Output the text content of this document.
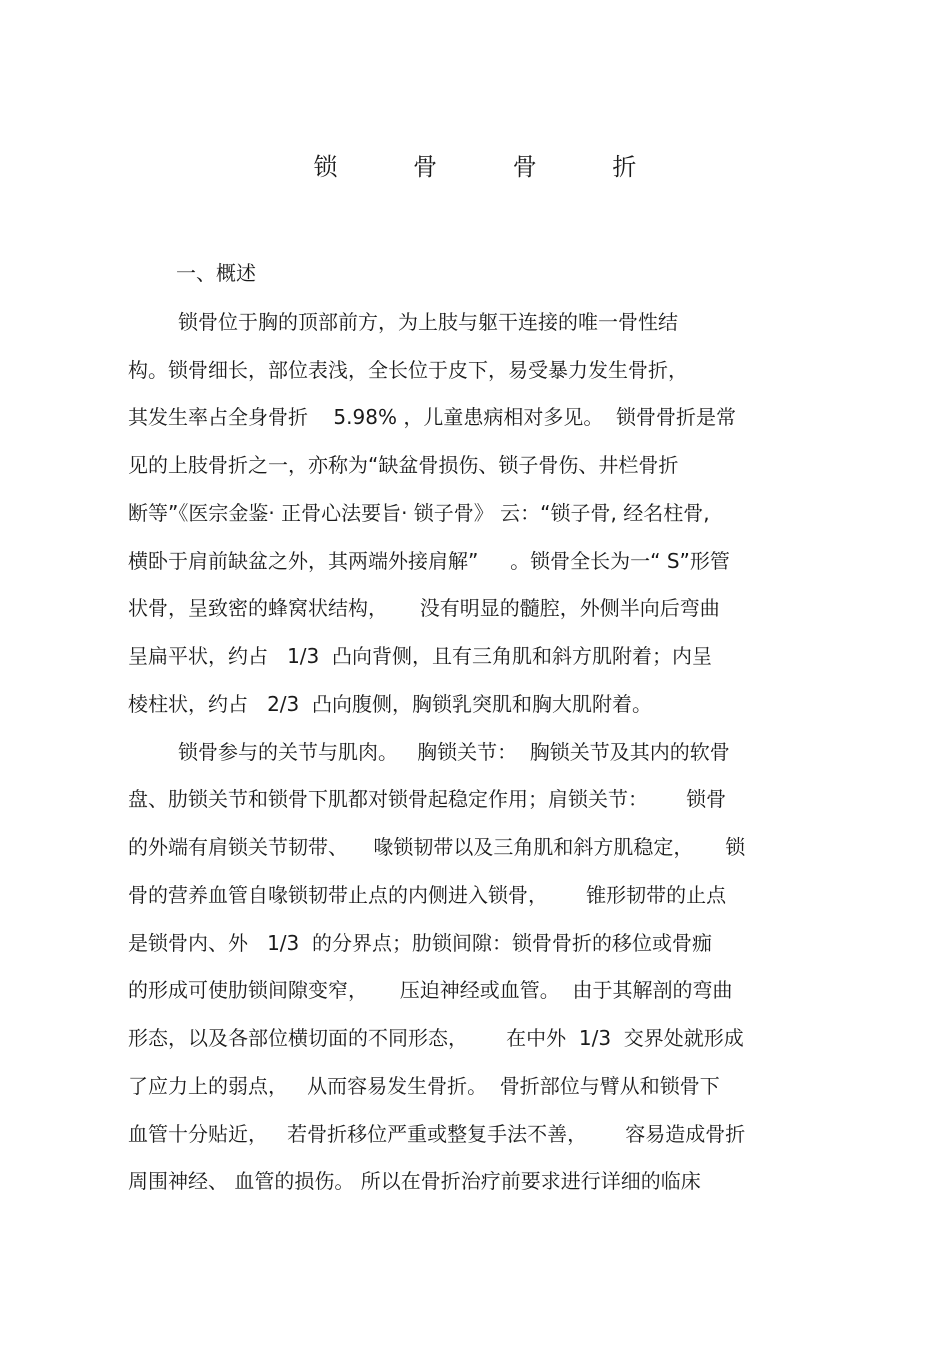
锁 骨 骨 折
一、概述
锁骨位于胸的顶部前方，为上肢与躯干连接的唯一骨性结
构。锁骨细长，部位表浅，全长位于皮下，易受暴力发生骨折，
其发生率占全身骨折    5.98% ，儿童患病相对多见。  锁骨骨折是常
见的上肢骨折之一，亦称为“缺盆骨损伤、锁子骨伤、井栏骨折
断等”《医宗金鉴· 正骨心法要旨· 锁子骨》 云：“锁子骨, 经名柱骨,
横卧于肩前缺盆之外，其两端外接肩解”     。锁骨全长为一“ S”形管
状骨，呈致密的蜂窝状结构，     没有明显的髓腔，外侧半向后弯曲
呈扁平状，约占   1/3  凸向背侧，且有三角肌和斜方肌附着；内呈
棱柱状，约占   2/3  凸向腹侧，胸锁乳突肌和胸大肌附着。
锁骨参与的关节与肌肉。   胸锁关节：  胸锁关节及其内的软骨
盘、肋锁关节和锁骨下肌都对锁骨起稳定作用；肩锁关节：      锁骨
的外端有肩锁关节韧带、    喙锁韧带以及三角肌和斜方肌稳定，     锁
骨的营养血管自喙锁韧带止点的内侧进入锁骨，      锥形韧带的止点
是锁骨内、外   1/3  的分界点；肋锁间隙：锁骨骨折的移位或骨痂
的形成可使肋锁间隙变窄，     压迫神经或血管。  由于其解剖的弯曲
形态，以及各部位横切面的不同形态，      在中外  1/3  交界处就形成
了应力上的弱点，   从而容易发生骨折。  骨折部位与臂从和锁骨下
血管十分贴近，   若骨折移位严重或整复手法不善，      容易造成骨折
周围神经、 血管的损伤。 所以在骨折治疗前要求进行详细的临床
